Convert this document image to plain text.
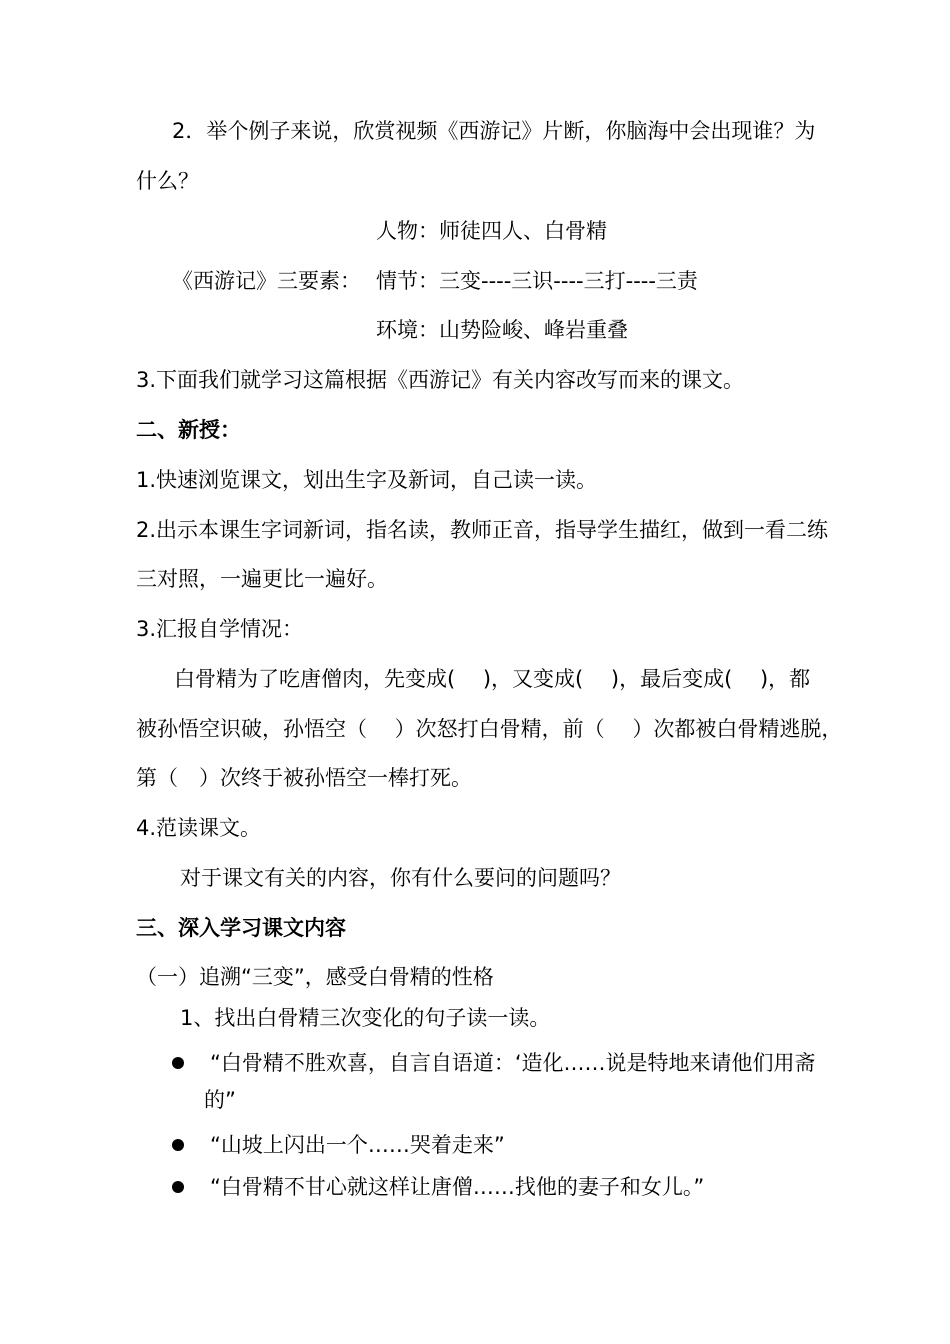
2．举个例子来说，欣赏视频《西游记》片断，你脑海中会出现谁？为
什么？
人物：师徒四人、白骨精
《西游记》三要素： 情节：三变----三识----三打----三责
环境：山势险峻、峰岩重叠
3.下面我们就学习这篇根据《西游记》有关内容改写而来的课文。
二、新授：
1.快速浏览课文，划出生字及新词，自己读一读。
2.出示本课生字词新词，指名读，教师正音，指导学生描红，做到一看二练
三对照，一遍更比一遍好。
3.汇报自学情况：
白骨精为了吃唐僧肉，先变成(　 )，又变成(　 )，最后变成(　 )，都
被孙悟空识破，孙悟空（　 ）次怒打白骨精，前（　 ）次都被白骨精逃脱，
第（　）次终于被孙悟空一棒打死。
4.范读课文。
对于课文有关的内容，你有什么要问的问题吗？
三、深入学习课文内容
（一）追溯“三变”，感受白骨精的性格
1、找出白骨精三次变化的句子读一读。
“白骨精不胜欢喜，自言自语道：‘造化……说是特地来请他们用斋
的”
“山坡上闪出一个……哭着走来”
“白骨精不甘心就这样让唐僧……找他的妻子和女儿。”
